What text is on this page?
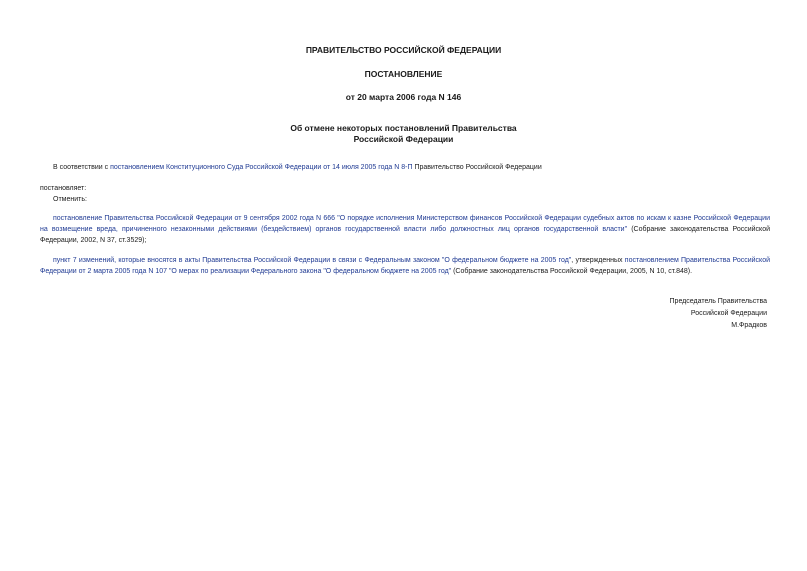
ПРАВИТЕЛЬСТВО РОССИЙСКОЙ ФЕДЕРАЦИИ

ПОСТАНОВЛЕНИЕ

от 20 марта 2006 года N 146

Об отмене некоторых постановлений Правительства

Российской Федерации

В соответствии с постановлением Конституционного Суда Российской Федерации от 14 июля 2005 года N 8-П Правительство Российской Федерации

постановляет:

Отменить:

постановление Правительства Российской Федерации от 9 сентября 2002 года N 666 "О порядке исполнения Министерством финансов Российской Федерации судебных актов по искам к казне Российской Федерации на возмещение вреда, причиненного незаконными действиями (бездействием) органов государственной власти либо должностных лиц органов государственной власти" (Собрание законодательства Российской Федерации, 2002, N 37, ст.3529);

пункт 7 изменений, которые вносятся в акты Правительства Российской Федерации в связи с Федеральным законом "О федеральном бюджете на 2005 год", утвержденных постановлением Правительства Российской Федерации от 2 марта 2005 года N 107 "О мерах по реализации Федерального закона "О федеральном бюджете на 2005 год" (Собрание законодательства Российской Федерации, 2005, N 10, ст.848).

Председатель Правительства
Российской Федерации
М.Фрадков
